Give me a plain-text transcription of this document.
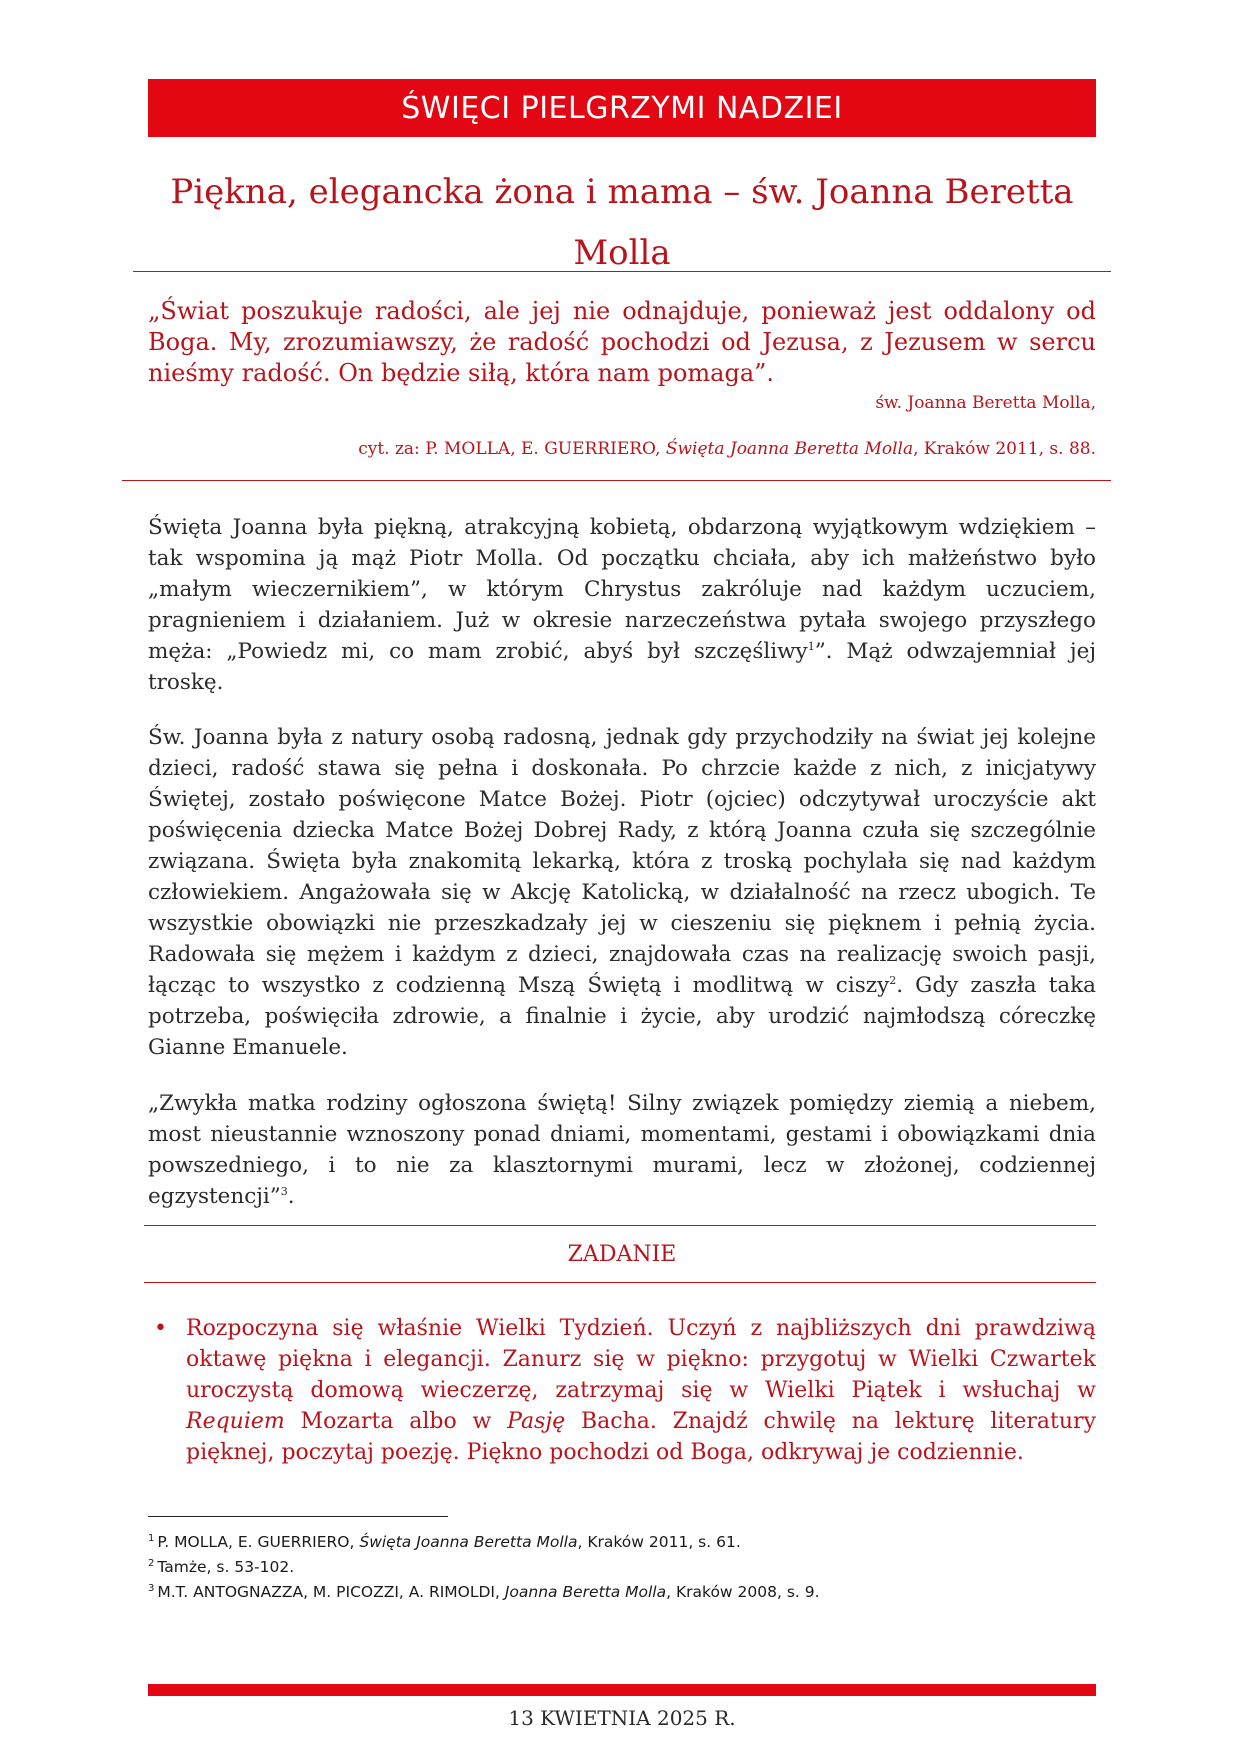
ŚWIĘCI PIELGRZYMI NADZIEI
Piękna, elegancka żona i mama – św. Joanna Beretta Molla
„Świat poszukuje radości, ale jej nie odnajduje, ponieważ jest oddalony od Boga. My, zrozumiawszy, że radość pochodzi od Jezusa, z Jezusem w sercu nieśmy radość. On będzie siłą, która nam pomaga”.
św. Joanna Beretta Molla,
cyt. za: P. MOLLA, E. GUERRIERO, Święta Joanna Beretta Molla, Kraków 2011, s. 88.
Święta Joanna była piękną, atrakcyjną kobietą, obdarzoną wyjątkowym wdziękiem – tak wspomina ją mąż Piotr Molla. Od początku chciała, aby ich małżeństwo było „małym wieczernikiem”, w którym Chrystus zakróluje nad każdym uczuciem, pragnieniem i działaniem. Już w okresie narzeczeństwa pytała swojego przyszłego męża: „Powiedz mi, co mam zrobić, abyś był szczęśliwy$^1$”. Mąż odwzajemniał jej troskę.
Św. Joanna była z natury osobą radosną, jednak gdy przychodziły na świat jej kolejne dzieci, radość stawa się pełna i doskonała. Po chrzcie każde z nich, z inicjatywy Świętej, zostało poświęcone Matce Bożej. Piotr (ojciec) odczytywał uroczyście akt poświęcenia dziecka Matce Bożej Dobrej Rady, z którą Joanna czuła się szczególnie związana. Święta była znakomitą lekarką, która z troską pochylała się nad każdym człowiekiem. Angażowała się w Akcję Katolicką, w działalność na rzecz ubogich. Te wszystkie obowiązki nie przeszkadzały jej w cieszeniu się pięknem i pełnią życia. Radowała się mężem i każdym z dzieci, znajdowała czas na realizację swoich pasji, łącząc to wszystko z codzienną Mszą Świętą i modlitwą w ciszy$^2$. Gdy zaszła taka potrzeba, poświęciła zdrowie, a finalnie i życie, aby urodzić najmłodszą córeczkę Gianne Emanuele.
„Zwykła matka rodziny ogłoszona świętą! Silny związek pomiędzy ziemią a niebem, most nieustannie wznoszony ponad dniami, momentami, gestami i obowiązkami dnia powszedniego, i to nie za klasztornymi murami, lecz w złożonej, codziennej egzystencji”$^3$.
ZADANIE
• Rozpoczyna się właśnie Wielki Tydzień. Uczyń z najbliższych dni prawdziwą oktawę piękna i elegancji. Zanurz się w piękno: przygotuj w Wielki Czwartek uroczystą domową wieczerzę, zatrzymaj się w Wielki Piątek i wsłuchaj w Requiem Mozarta albo w Pasję Bacha. Znajdź chwilę na lekturę literatury pięknej, poczytaj poezję. Piękno pochodzi od Boga, odkrywaj je codziennie.
$^1$ P. MOLLA, E. GUERRIERO, Święta Joanna Beretta Molla, Kraków 2011, s. 61.
$^2$ Tamże, s. 53-102.
$^3$ M.T. ANTOGNAZZA, M. PICOZZI, A. RIMOLDI, Joanna Beretta Molla, Kraków 2008, s. 9.
13 KWIETNIA 2025 R.
